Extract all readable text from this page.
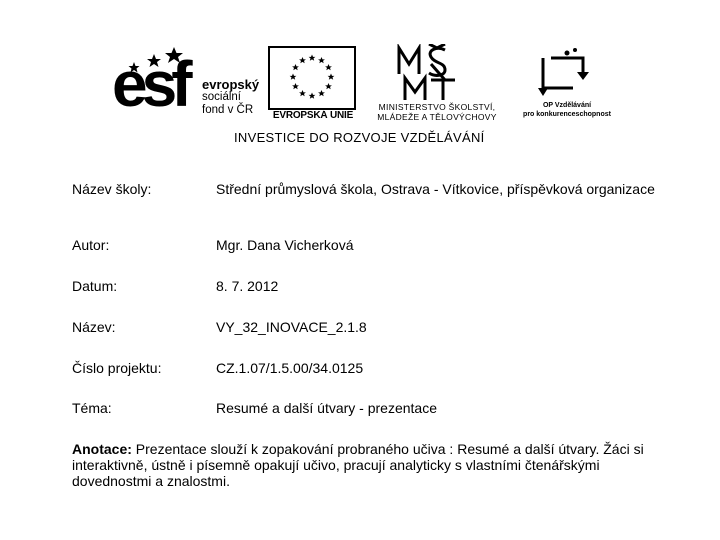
esf evropský
sociální
fond v ČR	EVROPSKÁ UNIE
MINISTERSTVO ŠKOLSTVÍ,
MLÁDEŽE A TĚLOVÝCHOVY
OP Vzdělávání
pro konkurenceschopnost
INVESTICE DO ROZVOJE VZDĚLÁVÁNÍ
Název školy:	Střední průmyslová škola, Ostrava - Vítkovice, příspěvková organizace
Autor:	Mgr. Dana Vicherková
Datum:	8. 7. 2012
Název:	VY_32_INOVACE_2.1.8
Číslo projektu:	CZ.1.07/1.5.00/34.0125
Téma:	Resumé a další útvary - prezentace
Anotace: Prezentace slouží k zopakování probraného učiva : Resumé a další útvary. Žáci si interaktivně, ústně i písemně opakují učivo, pracují analyticky s vlastními čtenářskými dovednostmi a znalostmi.
